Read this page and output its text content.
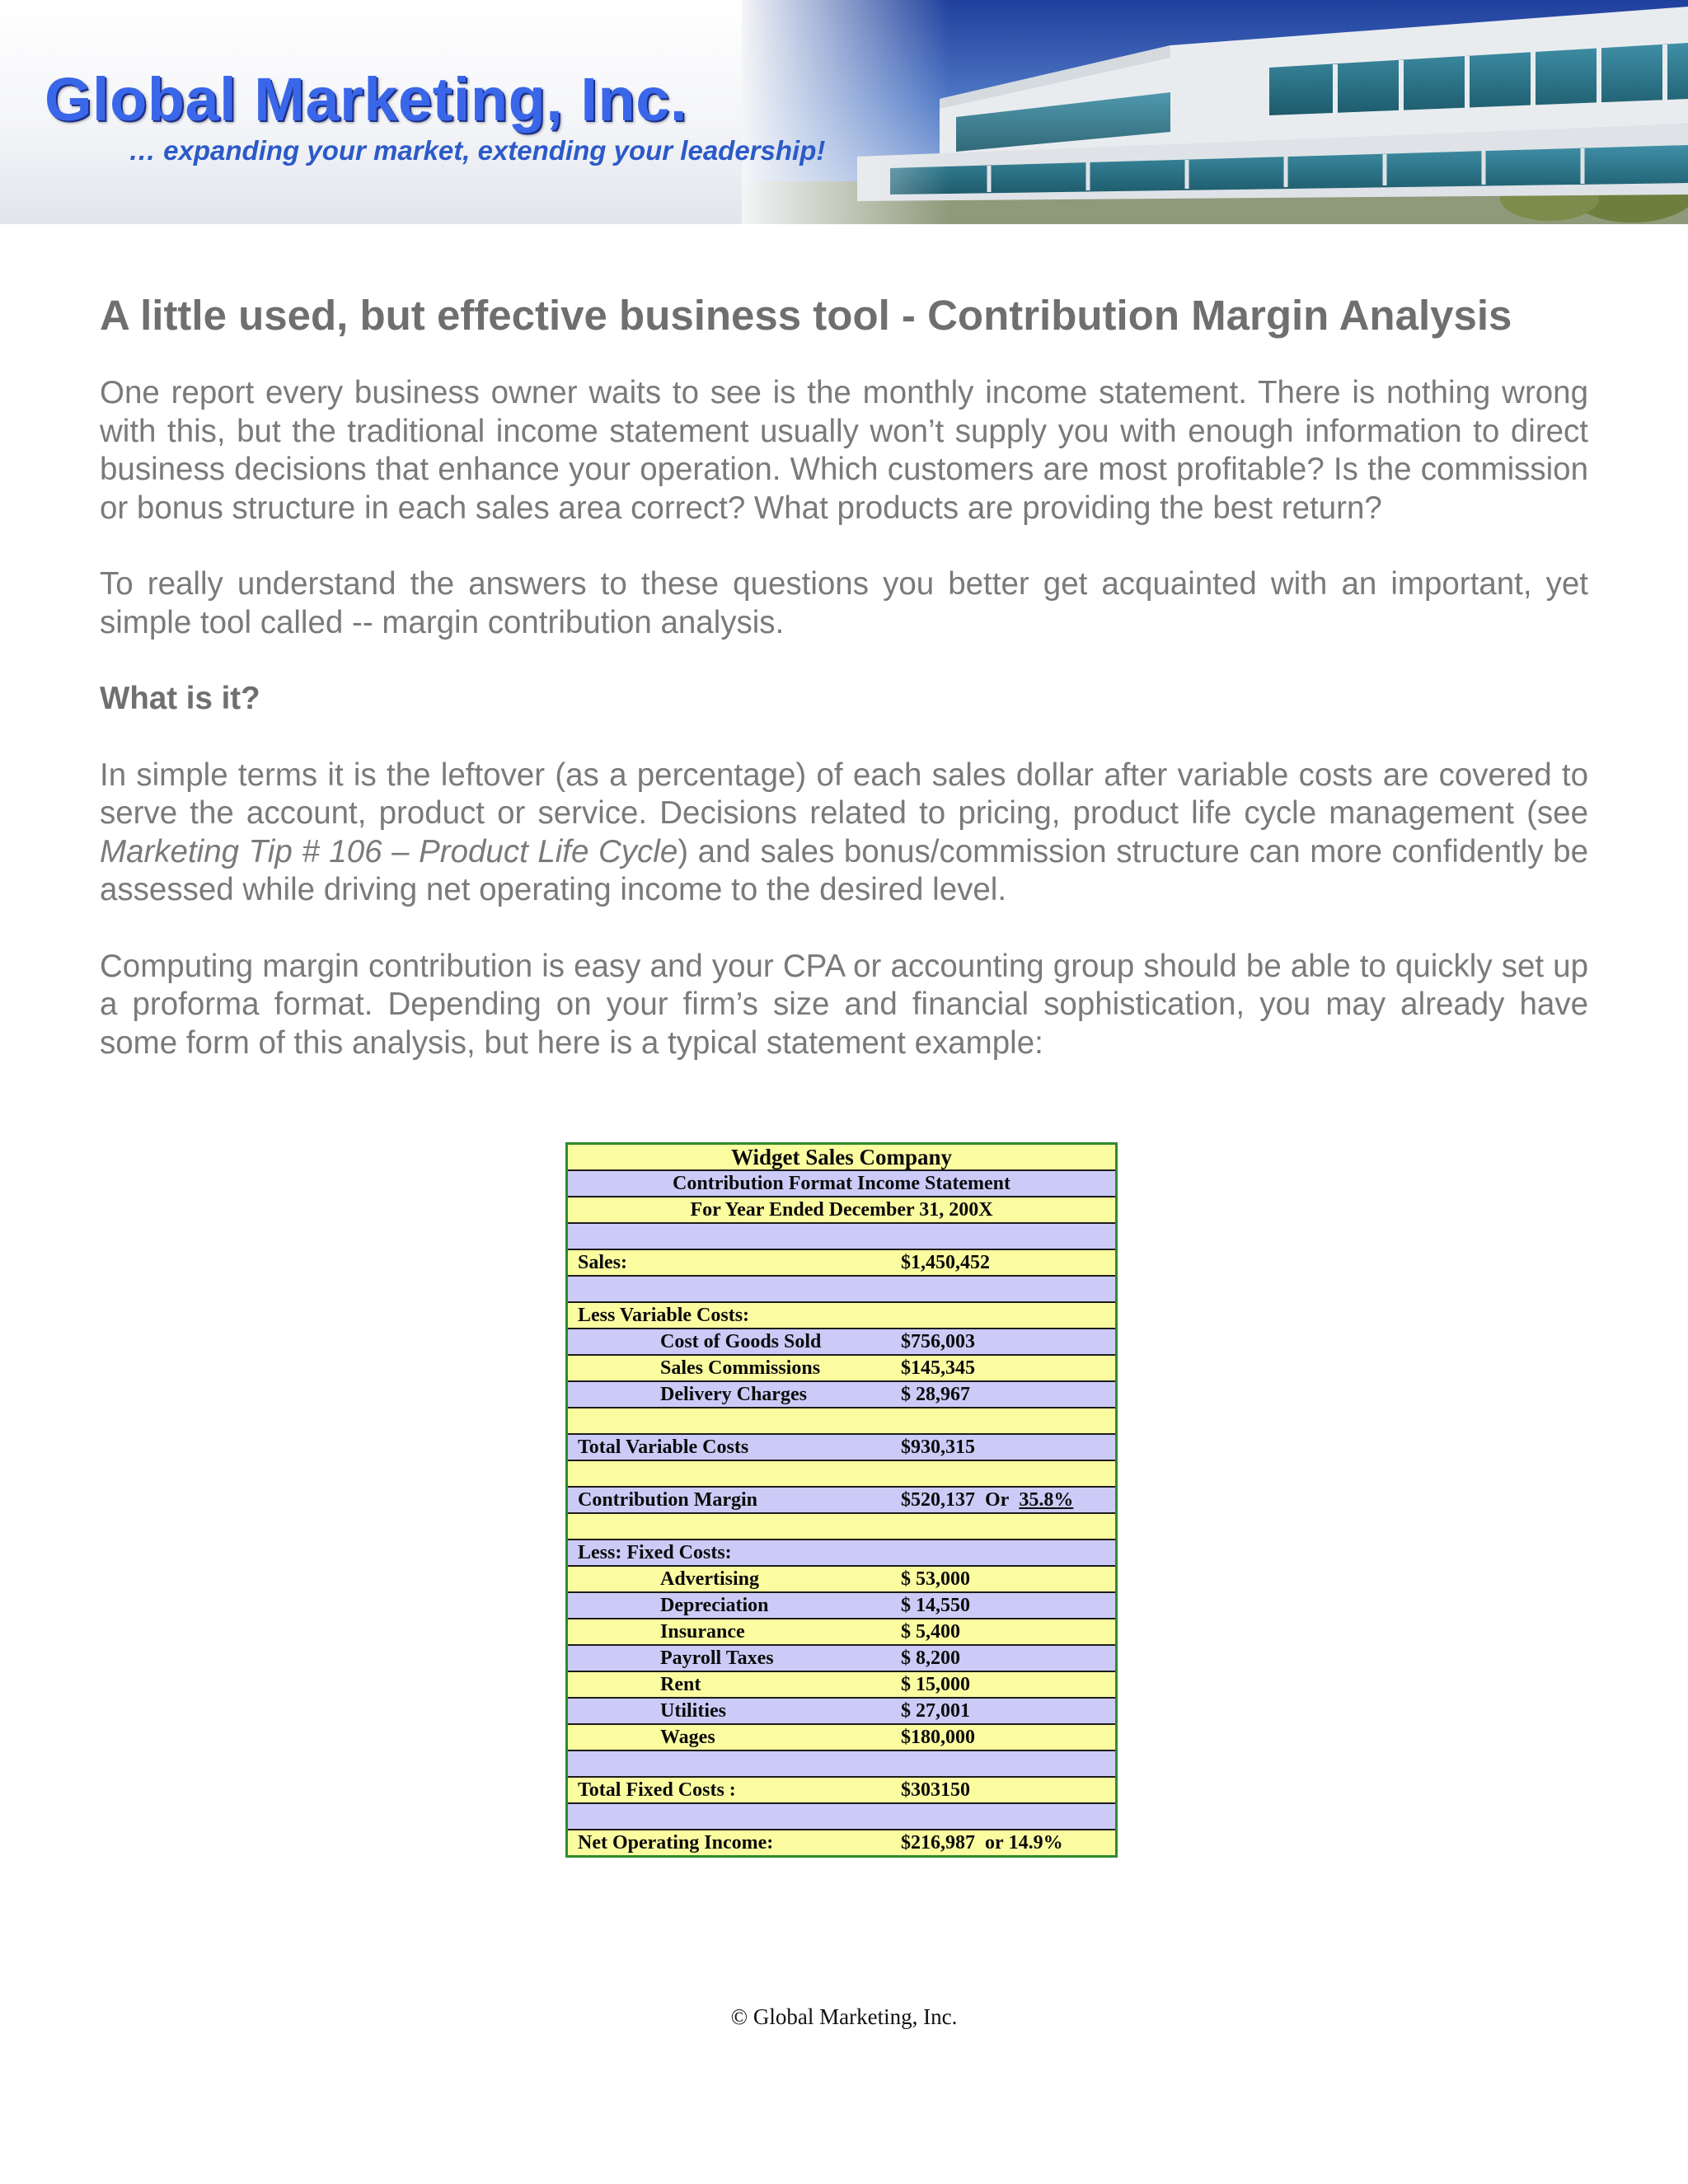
Global Marketing, Inc.
… expanding your market, extending your leadership!
A little used, but effective business tool - Contribution Margin Analysis

One report every business owner waits to see is the monthly income statement. There is nothing wrong with this, but the traditional income statement usually won’t supply you with enough information to direct business decisions that enhance your operation. Which customers are most profitable? Is the commission or bonus structure in each sales area correct? What products are providing the best return?

To really understand the answers to these questions you better get acquainted with an important, yet simple tool called -- margin contribution analysis.

What is it?

In simple terms it is the leftover (as a percentage) of each sales dollar after variable costs are covered to serve the account, product or service. Decisions related to pricing, product life cycle management (see Marketing Tip # 106 – Product Life Cycle) and sales bonus/commission structure can more confidently be assessed while driving net operating income to the desired level.

Computing margin contribution is easy and your CPA or accounting group should be able to quickly set up a proforma format. Depending on your firm’s size and financial sophistication, you may already have some form of this analysis, but here is a typical statement example:

Widget Sales Company
Contribution Format Income Statement
For Year Ended December 31, 200X
Sales:	$1,450,452
Less Variable Costs:
Cost of Goods Sold	$756,003
Sales Commissions	$145,345
Delivery Charges	$ 28,967
Total Variable Costs	$930,315
Contribution Margin	$520,137 Or 35.8%
Less: Fixed Costs:
Advertising	$ 53,000
Depreciation	$ 14,550
Insurance	$ 5,400
Payroll Taxes	$ 8,200
Rent	$ 15,000
Utilities	$ 27,001
Wages	$180,000
Total Fixed Costs :	$303150
Net Operating Income:	$216,987 or 14.9%
© Global Marketing, Inc.
